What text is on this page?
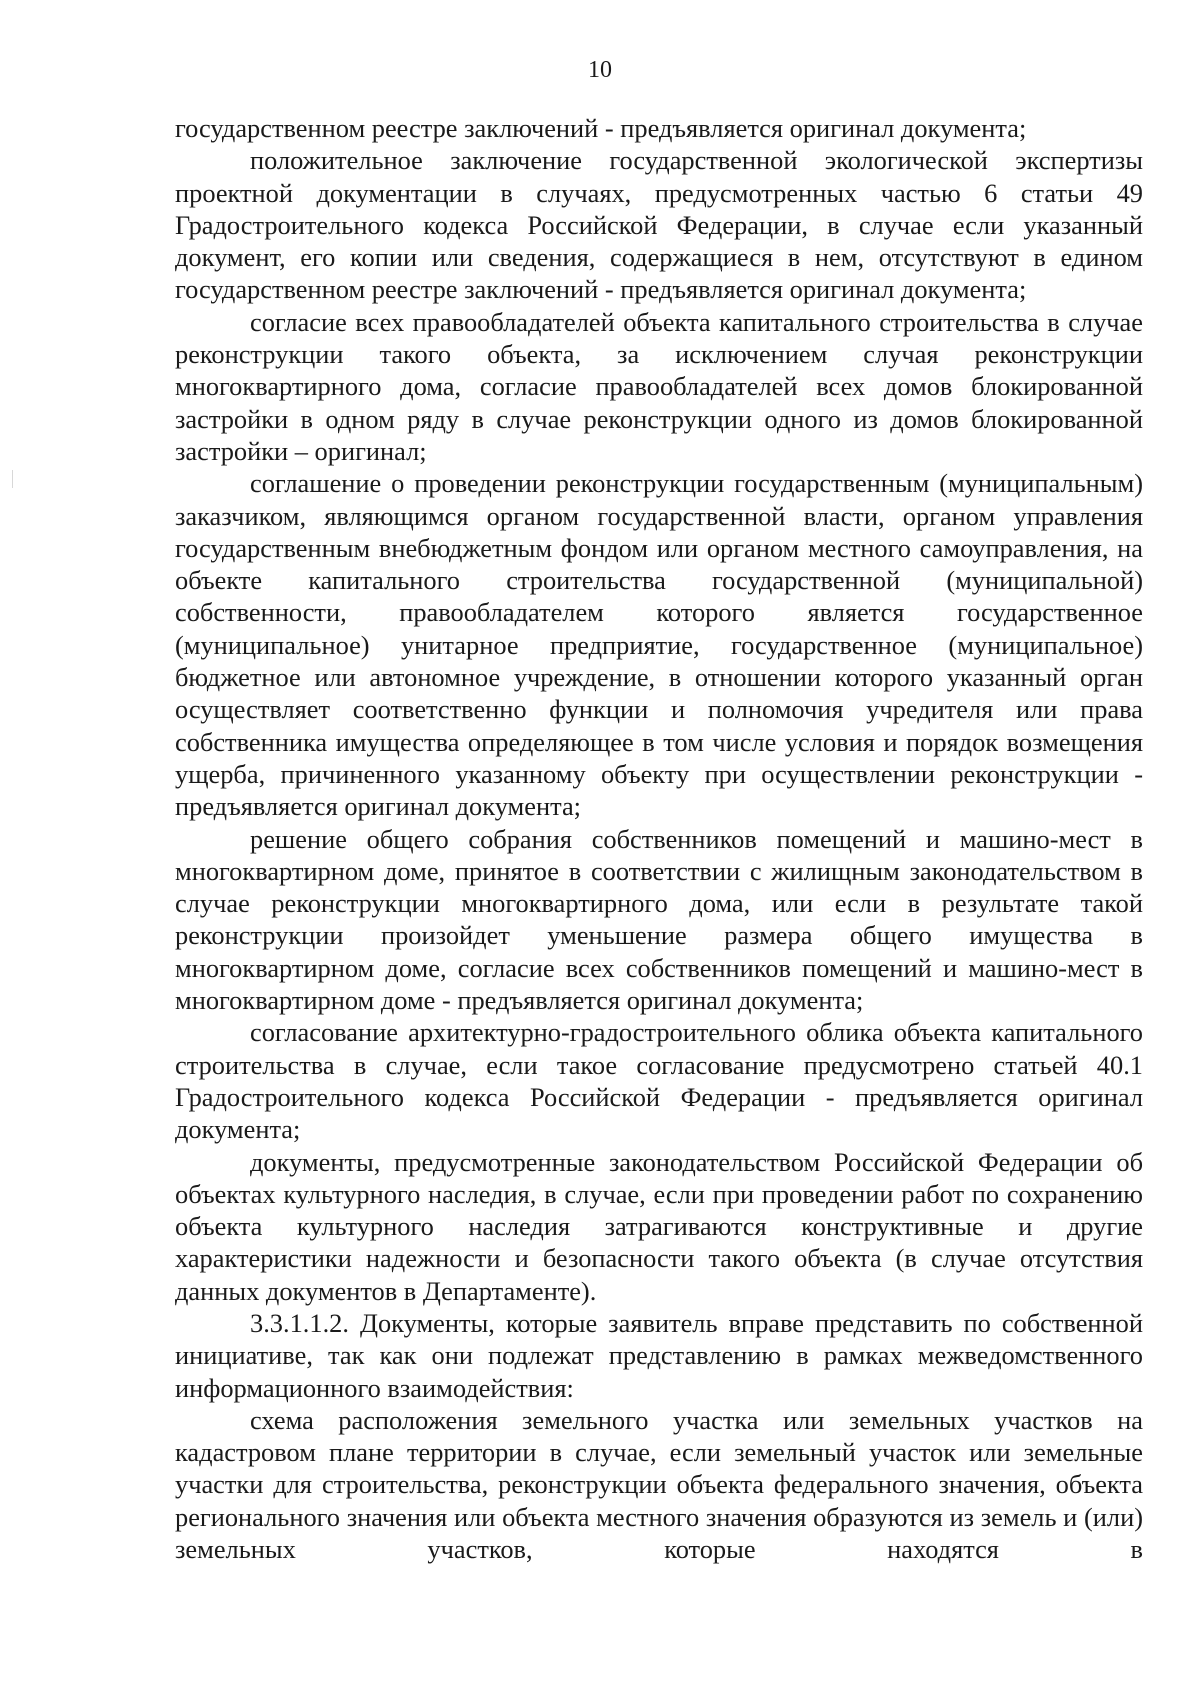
10

государственном реестре заключений - предъявляется оригинал документа;

положительное заключение государственной экологической экспертизы проектной документации в случаях, предусмотренных частью 6 статьи 49 Градостроительного кодекса Российской Федерации, в случае если указанный документ, его копии или сведения, содержащиеся в нем, отсутствуют в едином государственном реестре заключений - предъявляется оригинал документа;

согласие всех правообладателей объекта капитального строительства в случае реконструкции такого объекта, за исключением случая реконструкции многоквартирного дома, согласие правообладателей всех домов блокированной застройки в одном ряду в случае реконструкции одного из домов блокированной застройки – оригинал;

соглашение о проведении реконструкции государственным (муниципальным) заказчиком, являющимся органом государственной власти, органом управления государственным внебюджетным фондом или органом местного самоуправления, на объекте капитального строительства государственной (муниципальной) собственности, правообладателем которого является государственное (муниципальное) унитарное предприятие, государственное (муниципальное) бюджетное или автономное учреждение, в отношении которого указанный орган осуществляет соответственно функции и полномочия учредителя или права собственника имущества определяющее в том числе условия и порядок возмещения ущерба, причиненного указанному объекту при осуществлении реконструкции - предъявляется оригинал документа;

решение общего собрания собственников помещений и машино-мест в многоквартирном доме, принятое в соответствии с жилищным законодательством в случае реконструкции многоквартирного дома, или если в результате такой реконструкции произойдет уменьшение размера общего имущества в многоквартирном доме, согласие всех собственников помещений и машино-мест в многоквартирном доме - предъявляется оригинал документа;

согласование архитектурно-градостроительного облика объекта капитального строительства в случае, если такое согласование предусмотрено статьей 40.1 Градостроительного кодекса Российской Федерации - предъявляется оригинал документа;

документы, предусмотренные законодательством Российской Федерации об объектах культурного наследия, в случае, если при проведении работ по сохранению объекта культурного наследия затрагиваются конструктивные и другие характеристики надежности и безопасности такого объекта (в случае отсутствия данных документов в Департаменте).

3.3.1.1.2. Документы, которые заявитель вправе представить по собственной инициативе, так как они подлежат представлению в рамках межведомственного информационного взаимодействия:

схема расположения земельного участка или земельных участков на кадастровом плане территории в случае, если земельный участок или земельные участки для строительства, реконструкции объекта федерального значения, объекта регионального значения или объекта местного значения образуются из земель и (или) земельных участков, которые находятся в
